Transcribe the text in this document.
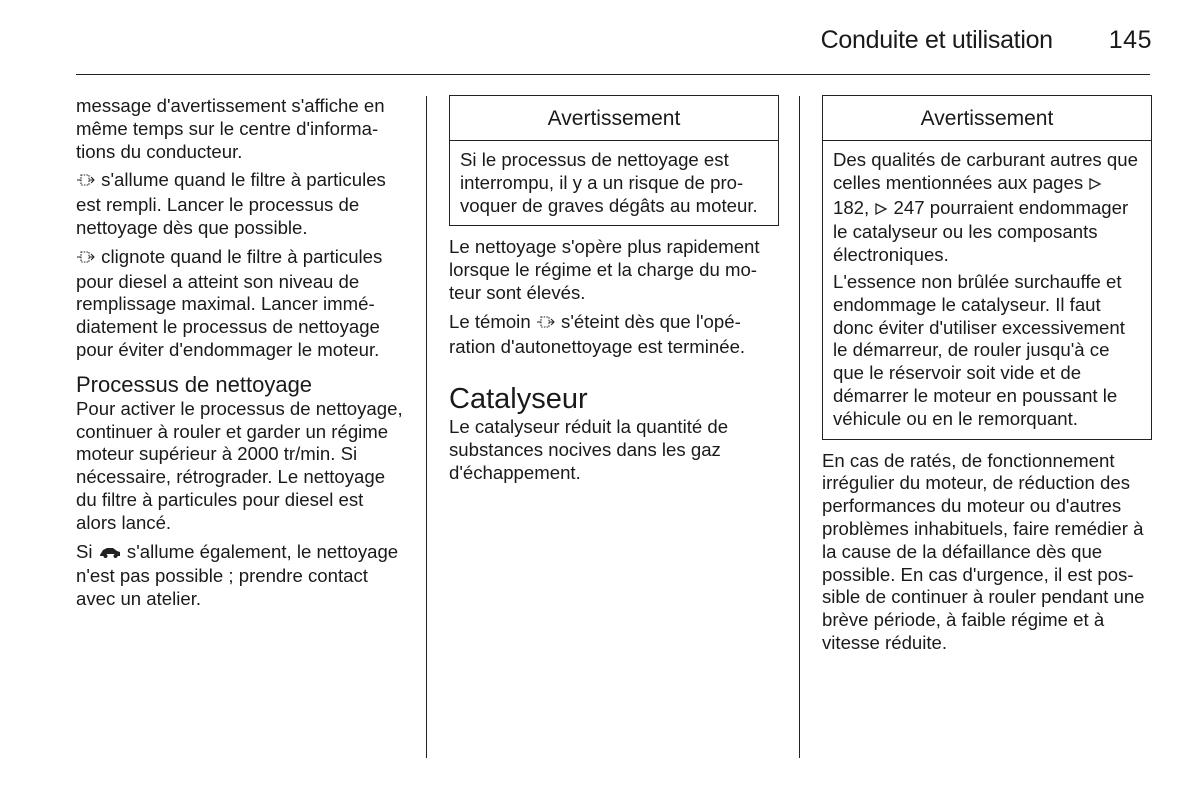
Conduite et utilisation 145

message d'avertissement s'affiche en même temps sur le centre d'informations du conducteur.

s'allume quand le filtre à particules est rempli. Lancer le processus de nettoyage dès que possible.

clignote quand le filtre à particules pour diesel a atteint son niveau de remplissage maximal. Lancer immédiatement le processus de nettoyage pour éviter d'endommager le moteur.

Processus de nettoyage

Pour activer le processus de nettoyage, continuer à rouler et garder un régime moteur supérieur à 2000 tr/min. Si nécessaire, rétrograder. Le nettoyage du filtre à particules pour diesel est alors lancé.

Si s'allume également, le nettoyage n'est pas possible ; prendre contact avec un atelier.

Avertissement

Si le processus de nettoyage est interrompu, il y a un risque de provoquer de graves dégâts au moteur.

Le nettoyage s'opère plus rapidement lorsque le régime et la charge du moteur sont élevés.

Le témoin s'éteint dès que l'opération d'autonettoyage est terminée.

Catalyseur

Le catalyseur réduit la quantité de substances nocives dans les gaz d'échappement.

Avertissement

Des qualités de carburant autres que celles mentionnées aux pages  182, 247 pourraient endommager le catalyseur ou les composants électroniques.

L'essence non brûlée surchauffe et endommage le catalyseur. Il faut donc éviter d'utiliser excessivement le démarreur, de rouler jusqu'à ce que le réservoir soit vide et de démarrer le moteur en poussant le véhicule ou en le remorquant.

En cas de ratés, de fonctionnement irrégulier du moteur, de réduction des performances du moteur ou d'autres problèmes inhabituels, faire remédier à la cause de la défaillance dès que possible. En cas d'urgence, il est possible de continuer à rouler pendant une brève période, à faible régime et à vitesse réduite.
